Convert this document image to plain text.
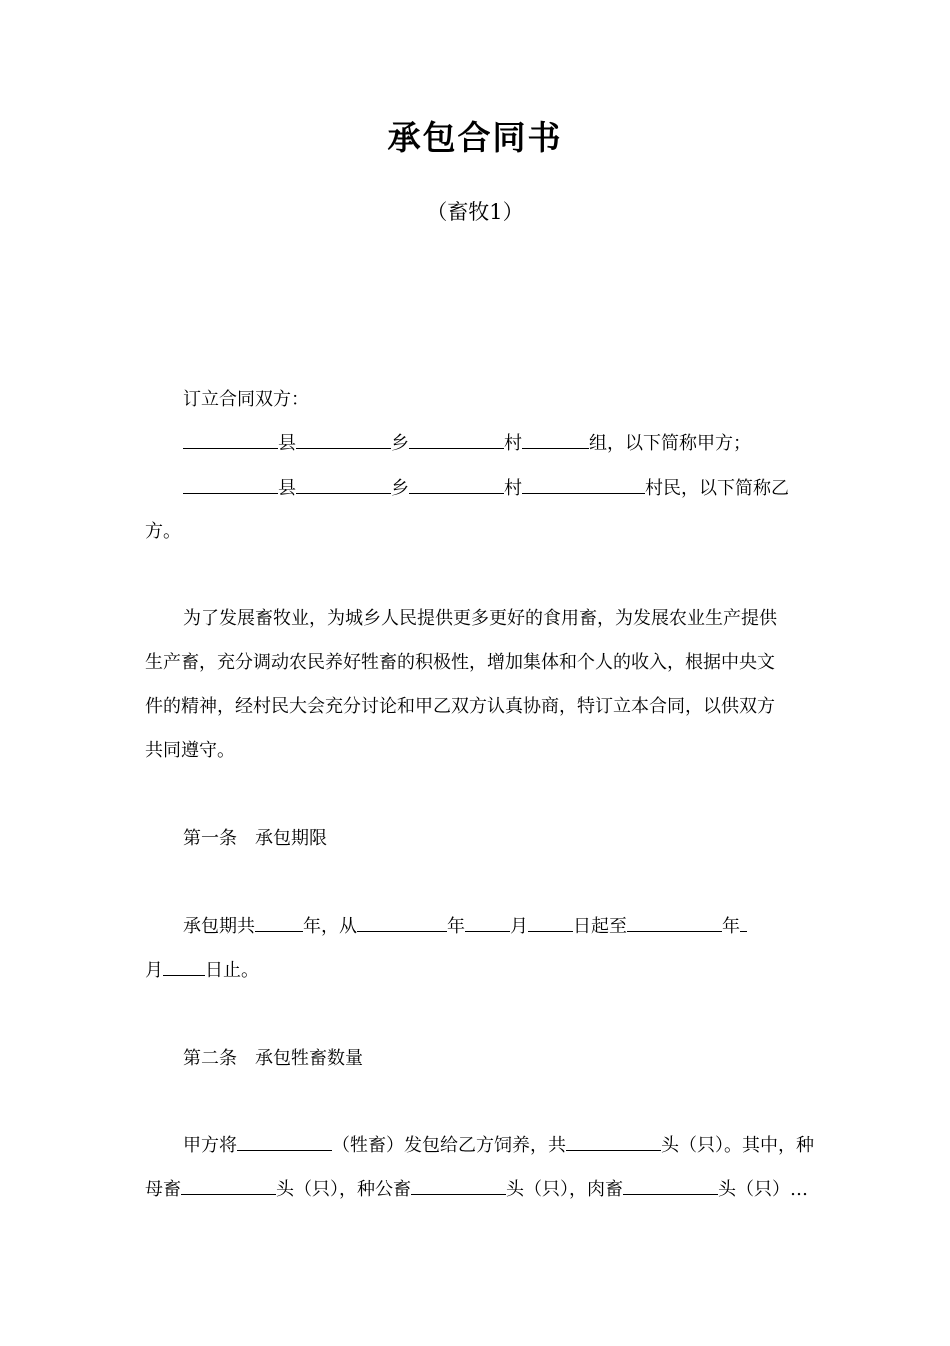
承包合同书
（畜牧1）
订立合同双方：
县	乡	村	组，以下简称甲方；
县	乡	村	村民，以下简称乙
方。
为了发展畜牧业，为城乡人民提供更多更好的食用畜，为发展农业生产提供
生产畜，充分调动农民养好牲畜的积极性，增加集体和个人的收入，根据中央文
件的精神，经村民大会充分讨论和甲乙双方认真协商，特订立本合同，以供双方
共同遵守。
第一条　承包期限
承包期共	年，从	年	月	日起至	年
月 日止。
第二条　承包牲畜数量
甲方将	（牲畜）发包给乙方饲养，共	头（只）。其中，种
母畜	头（只），种公畜	头（只），肉畜	头（只）…
